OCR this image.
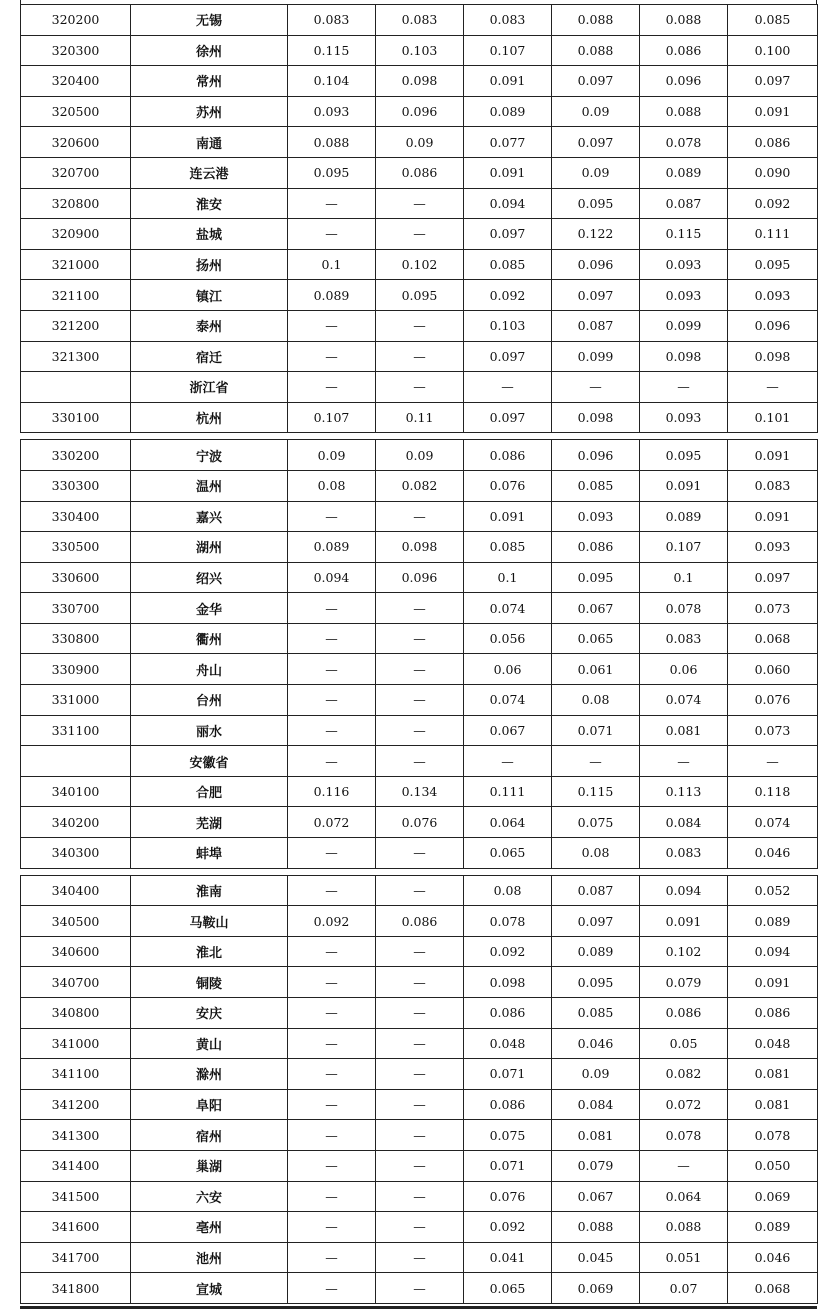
320200	无锡	0.083	0.083	0.083	0.088	0.088	0.085
320300	徐州	0.115	0.103	0.107	0.088	0.086	0.100
320400	常州	0.104	0.098	0.091	0.097	0.096	0.097
320500	苏州	0.093	0.096	0.089	0.09	0.088	0.091
320600	南通	0.088	0.09	0.077	0.097	0.078	0.086
320700	连云港	0.095	0.086	0.091	0.09	0.089	0.090
320800	淮安	—	—	0.094	0.095	0.087	0.092
320900	盐城	—	—	0.097	0.122	0.115	0.111
321000	扬州	0.1	0.102	0.085	0.096	0.093	0.095
321100	镇江	0.089	0.095	0.092	0.097	0.093	0.093
321200	泰州	—	—	0.103	0.087	0.099	0.096
321300	宿迁	—	—	0.097	0.099	0.098	0.098
	浙江省	—	—	—	—	—	—
330100	杭州	0.107	0.11	0.097	0.098	0.093	0.101
330200	宁波	0.09	0.09	0.086	0.096	0.095	0.091
330300	温州	0.08	0.082	0.076	0.085	0.091	0.083
330400	嘉兴	—	—	0.091	0.093	0.089	0.091
330500	湖州	0.089	0.098	0.085	0.086	0.107	0.093
330600	绍兴	0.094	0.096	0.1	0.095	0.1	0.097
330700	金华	—	—	0.074	0.067	0.078	0.073
330800	衢州	—	—	0.056	0.065	0.083	0.068
330900	舟山	—	—	0.06	0.061	0.06	0.060
331000	台州	—	—	0.074	0.08	0.074	0.076
331100	丽水	—	—	0.067	0.071	0.081	0.073
	安徽省	—	—	—	—	—	—
340100	合肥	0.116	0.134	0.111	0.115	0.113	0.118
340200	芜湖	0.072	0.076	0.064	0.075	0.084	0.074
340300	蚌埠	—	—	0.065	0.08	0.083	0.046
340400	淮南	—	—	0.08	0.087	0.094	0.052
340500	马鞍山	0.092	0.086	0.078	0.097	0.091	0.089
340600	淮北	—	—	0.092	0.089	0.102	0.094
340700	铜陵	—	—	0.098	0.095	0.079	0.091
340800	安庆	—	—	0.086	0.085	0.086	0.086
341000	黄山	—	—	0.048	0.046	0.05	0.048
341100	滁州	—	—	0.071	0.09	0.082	0.081
341200	阜阳	—	—	0.086	0.084	0.072	0.081
341300	宿州	—	—	0.075	0.081	0.078	0.078
341400	巢湖	—	—	0.071	0.079	—	0.050
341500	六安	—	—	0.076	0.067	0.064	0.069
341600	亳州	—	—	0.092	0.088	0.088	0.089
341700	池州	—	—	0.041	0.045	0.051	0.046
341800	宣城	—	—	0.065	0.069	0.07	0.068
